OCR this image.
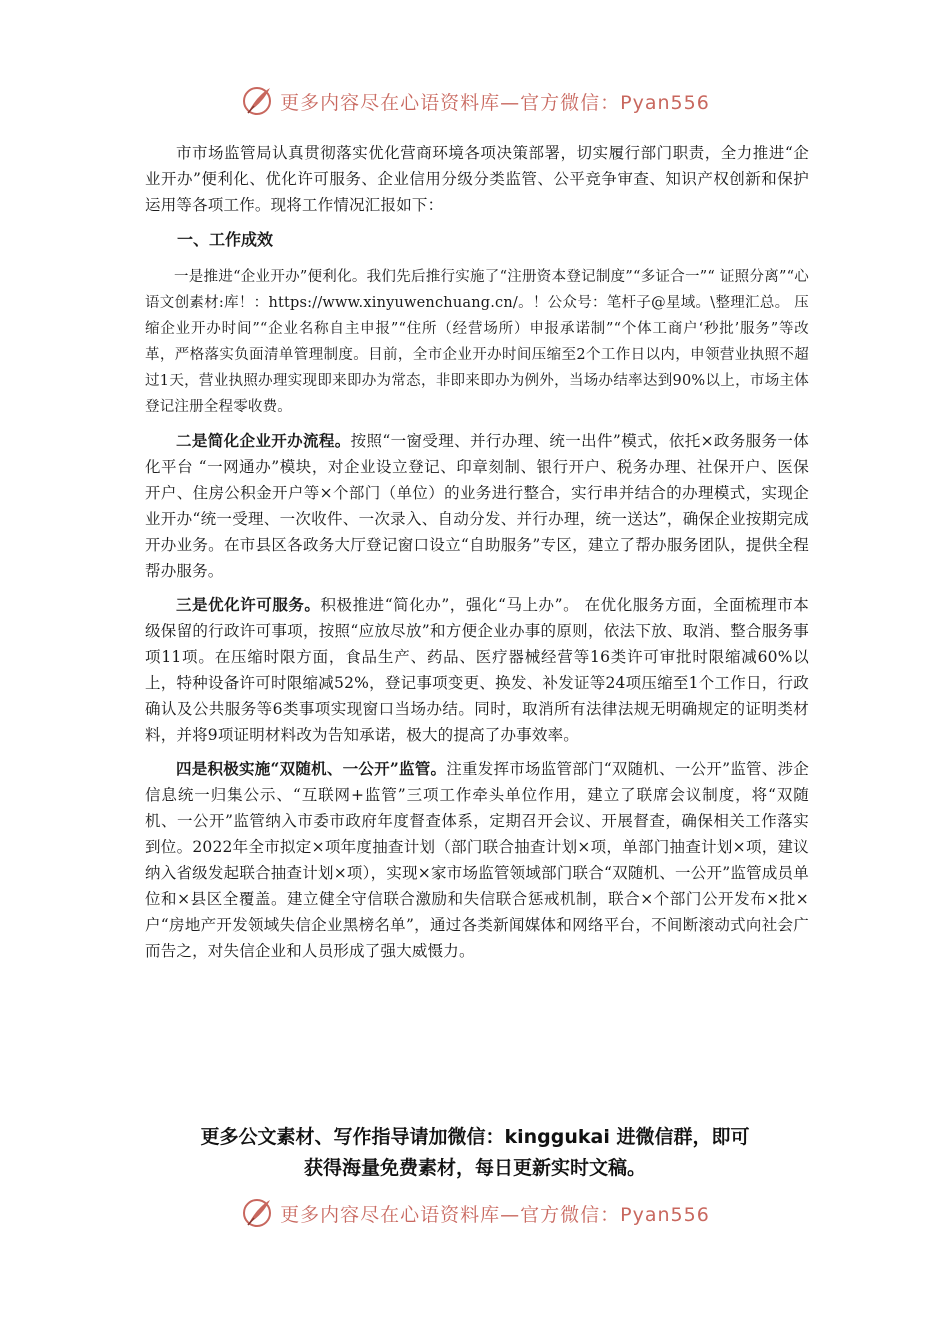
更多内容尽在心语资料库—官方微信：Pyan556

市市场监管局认真贯彻落实优化营商环境各项决策部署，切实履行部门职责，全力推进“企业开办”便利化、优化许可服务、企业信用分级分类监管、公平竞争审查、知识产权创新和保护运用等各项工作。现将工作情况汇报如下：

一、工作成效

一是推进“企业开办”便利化。我们先后推行实施了“注册资本登记制度”“多证合一”“ 证照分离”“心语文创素材:库！：https://www.xinyuwenchuang.cn/。！公众号：笔杆子@星域。\整理汇总。 压缩企业开办时间”“企业名称自主申报”“住所（经营场所）申报承诺制”“个体工商户‘秒批’服务”等改革，严格落实负面清单管理制度。目前，全市企业开办时间压缩至2个工作日以内，申领营业执照不超过1天，营业执照办理实现即来即办为常态，非即来即办为例外，当场办结率达到90%以上，市场主体登记注册全程零收费。

二是简化企业开办流程。按照“一窗受理、并行办理、统一出件”模式，依托×政务服务一体化平台 “一网通办”模块，对企业设立登记、印章刻制、银行开户、税务办理、社保开户、医保开户、住房公积金开户等×个部门（单位）的业务进行整合，实行串并结合的办理模式，实现企业开办“统一受理、一次收件、一次录入、自动分发、并行办理，统一送达”，确保企业按期完成开办业务。在市县区各政务大厅登记窗口设立“自助服务”专区，建立了帮办服务团队，提供全程帮办服务。

三是优化许可服务。积极推进“简化办”，强化“马上办”。 在优化服务方面，全面梳理市本级保留的行政许可事项，按照“应放尽放”和方便企业办事的原则，依法下放、取消、整合服务事项11项。在压缩时限方面，食品生产、药品、医疗器械经营等16类许可审批时限缩减60%以上，特种设备许可时限缩减52%，登记事项变更、换发、补发证等24项压缩至1个工作日，行政确认及公共服务等6类事项实现窗口当场办结。同时，取消所有法律法规无明确规定的证明类材料，并将9项证明材料改为告知承诺，极大的提高了办事效率。

四是积极实施“双随机、一公开”监管。注重发挥市场监管部门“双随机、一公开”监管、涉企信息统一归集公示、“互联网+监管”三项工作牵头单位作用，建立了联席会议制度，将“双随机、一公开”监管纳入市委市政府年度督查体系，定期召开会议、开展督查，确保相关工作落实到位。2022年全市拟定×项年度抽查计划（部门联合抽查计划×项，单部门抽查计划×项，建议纳入省级发起联合抽查计划×项），实现×家市场监管领域部门联合“双随机、一公开”监管成员单位和×县区全覆盖。建立健全守信联合激励和失信联合惩戒机制，联合×个部门公开发布×批×户“房地产开发领域失信企业黑榜名单”，通过各类新闻媒体和网络平台，不间断滚动式向社会广而告之，对失信企业和人员形成了强大威慑力。

更多公文素材、写作指导请加微信：kinggukai 进微信群，即可
获得海量免费素材，每日更新实时文稿。
更多内容尽在心语资料库—官方微信：Pyan556
